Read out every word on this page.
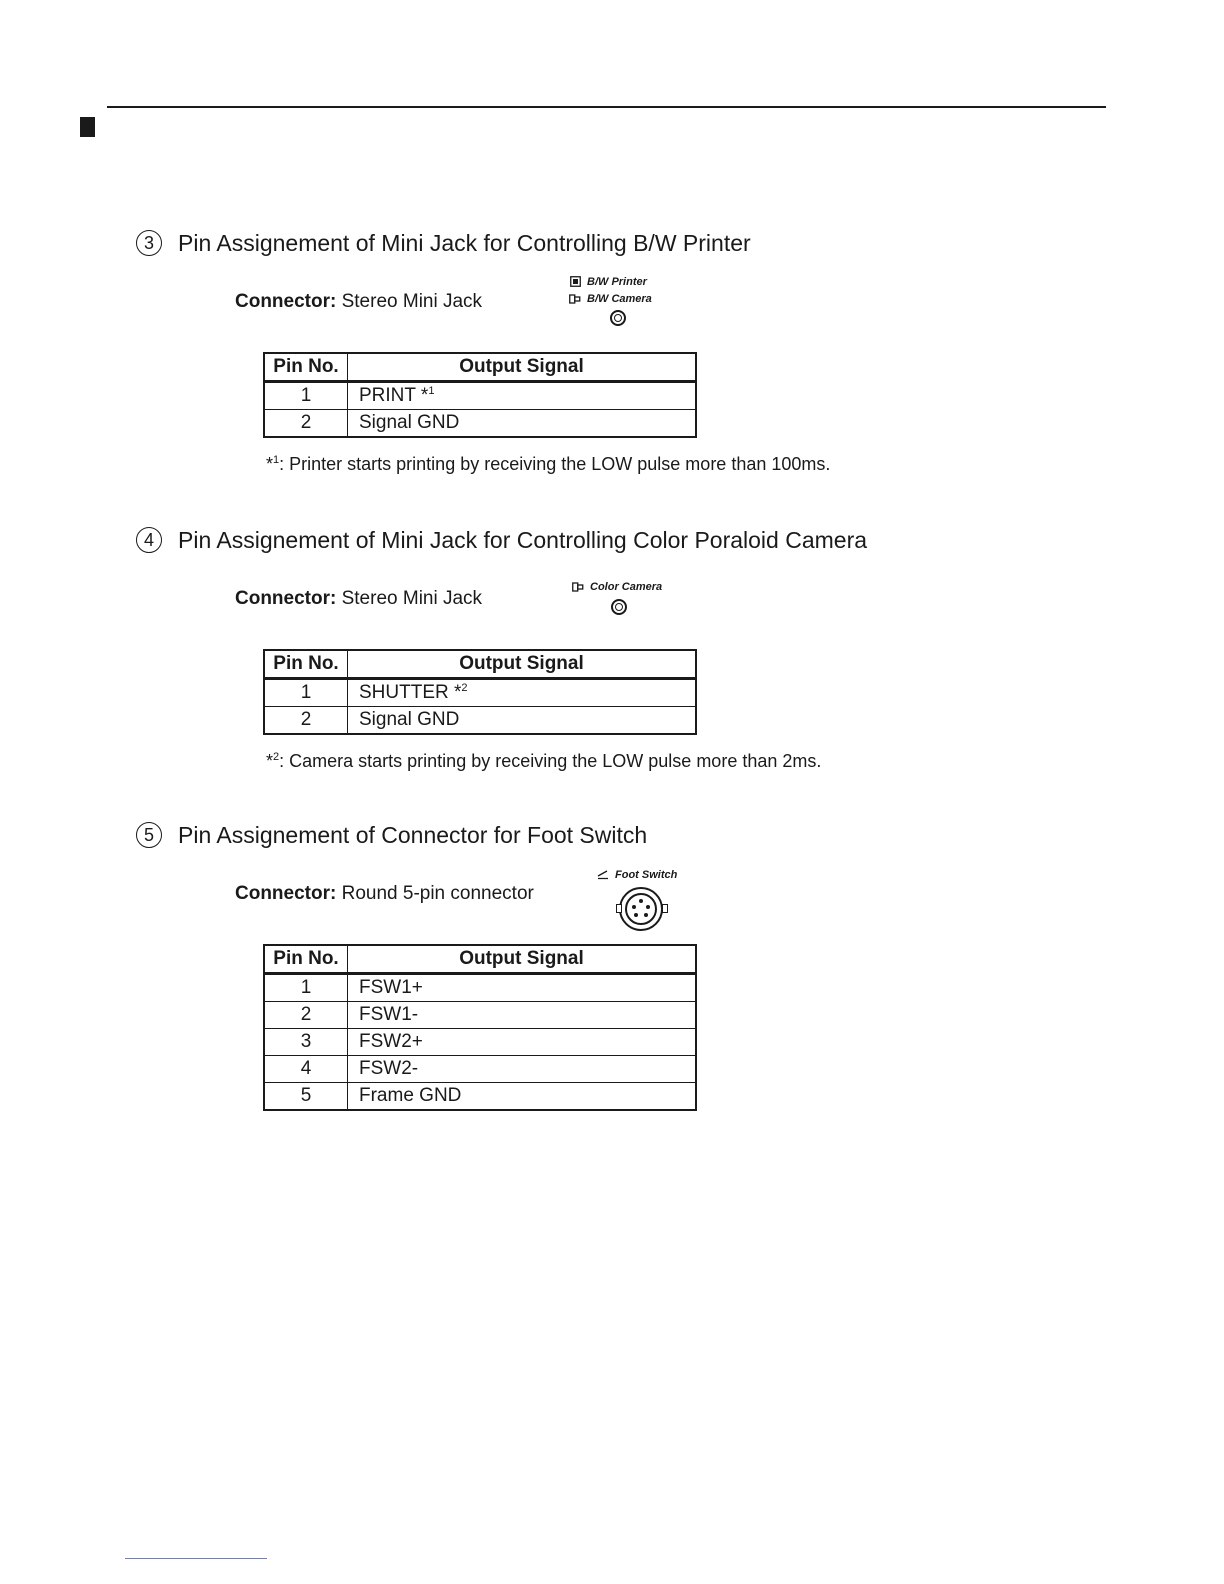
3	Pin Assignement of Mini Jack for Controlling B/W Printer
Connector: Stereo Mini Jack
B/W Printer
B/W Camera
Pin No.	Output Signal
1	PRINT *$^1$
2	Signal GND
*$^1$: Printer starts printing by receiving the LOW pulse more than 100ms.
4	Pin Assignement of Mini Jack for Controlling Color Poraloid Camera
Connector: Stereo Mini Jack
Color Camera
Pin No.	Output Signal
1	SHUTTER *$^2$
2	Signal GND
*$^2$: Camera starts printing by receiving the LOW pulse more than 2ms.
5	Pin Assignement of Connector for Foot Switch
Connector: Round 5-pin connector
Foot Switch
Pin No.	Output Signal
1	FSW1+
2	FSW1-
3	FSW2+
4	FSW2-
5	Frame GND
